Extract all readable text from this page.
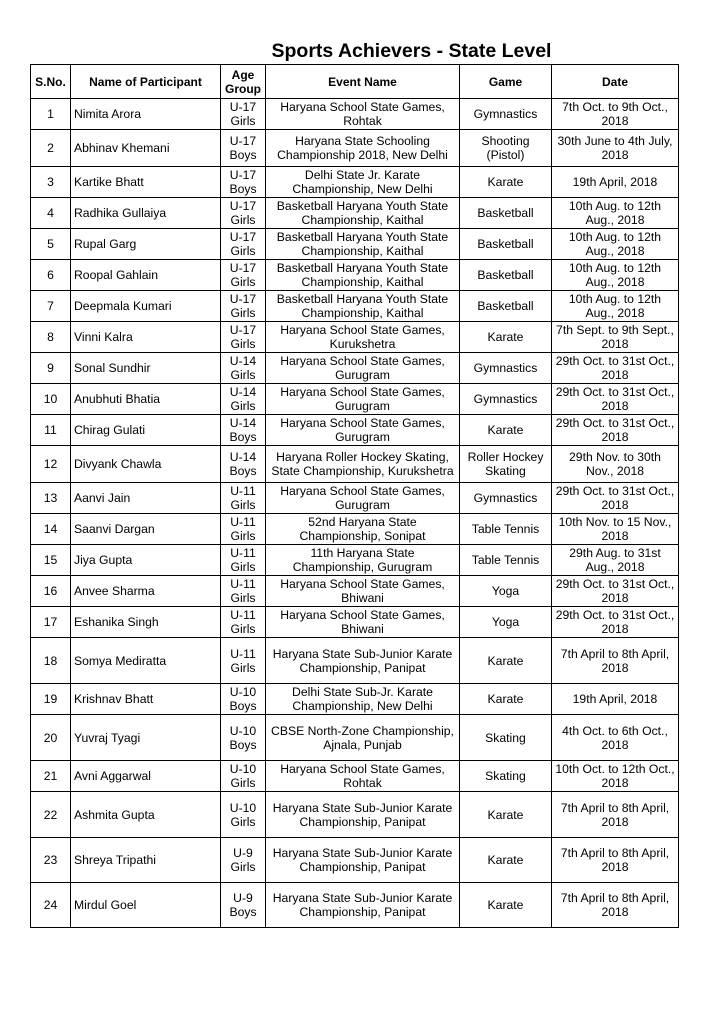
Sports Achievers - State Level
S.No.	Name of Participant	Age Group	Event Name	Game	Date
1	Nimita Arora	U-17 Girls	Haryana School State Games, Rohtak	Gymnastics	7th Oct. to 9th Oct., 2018
2	Abhinav Khemani	U-17 Boys	Haryana State Schooling Championship 2018, New Delhi	Shooting (Pistol)	30th June to 4th July, 2018
3	Kartike Bhatt	U-17 Boys	Delhi State Jr. Karate Championship, New Delhi	Karate	19th April, 2018
4	Radhika Gullaiya	U-17 Girls	Basketball Haryana Youth State Championship, Kaithal	Basketball	10th Aug. to 12th Aug., 2018
5	Rupal Garg	U-17 Girls	Basketball Haryana Youth State Championship, Kaithal	Basketball	10th Aug. to 12th Aug., 2018
6	Roopal Gahlain	U-17 Girls	Basketball Haryana Youth State Championship, Kaithal	Basketball	10th Aug. to 12th Aug., 2018
7	Deepmala Kumari	U-17 Girls	Basketball Haryana Youth State Championship, Kaithal	Basketball	10th Aug. to 12th Aug., 2018
8	Vinni Kalra	U-17 Girls	Haryana School State Games, Kurukshetra	Karate	7th Sept. to 9th Sept., 2018
9	Sonal Sundhir	U-14 Girls	Haryana School State Games, Gurugram	Gymnastics	29th Oct. to 31st Oct., 2018
10	Anubhuti Bhatia	U-14 Girls	Haryana School State Games, Gurugram	Gymnastics	29th Oct. to 31st Oct., 2018
11	Chirag Gulati	U-14 Boys	Haryana School State Games, Gurugram	Karate	29th Oct. to 31st Oct., 2018
12	Divyank Chawla	U-14 Boys	Haryana Roller Hockey Skating, State Championship, Kurukshetra	Roller Hockey Skating	29th Nov. to 30th Nov., 2018
13	Aanvi Jain	U-11 Girls	Haryana School State Games, Gurugram	Gymnastics	29th Oct. to 31st Oct., 2018
14	Saanvi Dargan	U-11 Girls	52nd Haryana State Championship, Sonipat	Table Tennis	10th Nov. to 15 Nov., 2018
15	Jiya Gupta	U-11 Girls	11th Haryana State Championship, Gurugram	Table Tennis	29th Aug. to 31st Aug., 2018
16	Anvee Sharma	U-11 Girls	Haryana School State Games, Bhiwani	Yoga	29th Oct. to 31st Oct., 2018
17	Eshanika Singh	U-11 Girls	Haryana School State Games, Bhiwani	Yoga	29th Oct. to 31st Oct., 2018
18	Somya Mediratta	U-11 Girls	Haryana State Sub-Junior Karate Championship, Panipat	Karate	7th April to 8th April, 2018
19	Krishnav Bhatt	U-10 Boys	Delhi State Sub-Jr. Karate Championship, New Delhi	Karate	19th April, 2018
20	Yuvraj Tyagi	U-10 Boys	CBSE North-Zone Championship, Ajnala, Punjab	Skating	4th Oct. to 6th Oct., 2018
21	Avni Aggarwal	U-10 Girls	Haryana School State Games, Rohtak	Skating	10th Oct. to 12th Oct., 2018
22	Ashmita Gupta	U-10 Girls	Haryana State Sub-Junior Karate Championship, Panipat	Karate	7th April to 8th April, 2018
23	Shreya Tripathi	U-9 Girls	Haryana State Sub-Junior Karate Championship, Panipat	Karate	7th April to 8th April, 2018
24	Mirdul Goel	U-9 Boys	Haryana State Sub-Junior Karate Championship, Panipat	Karate	7th April to 8th April, 2018
